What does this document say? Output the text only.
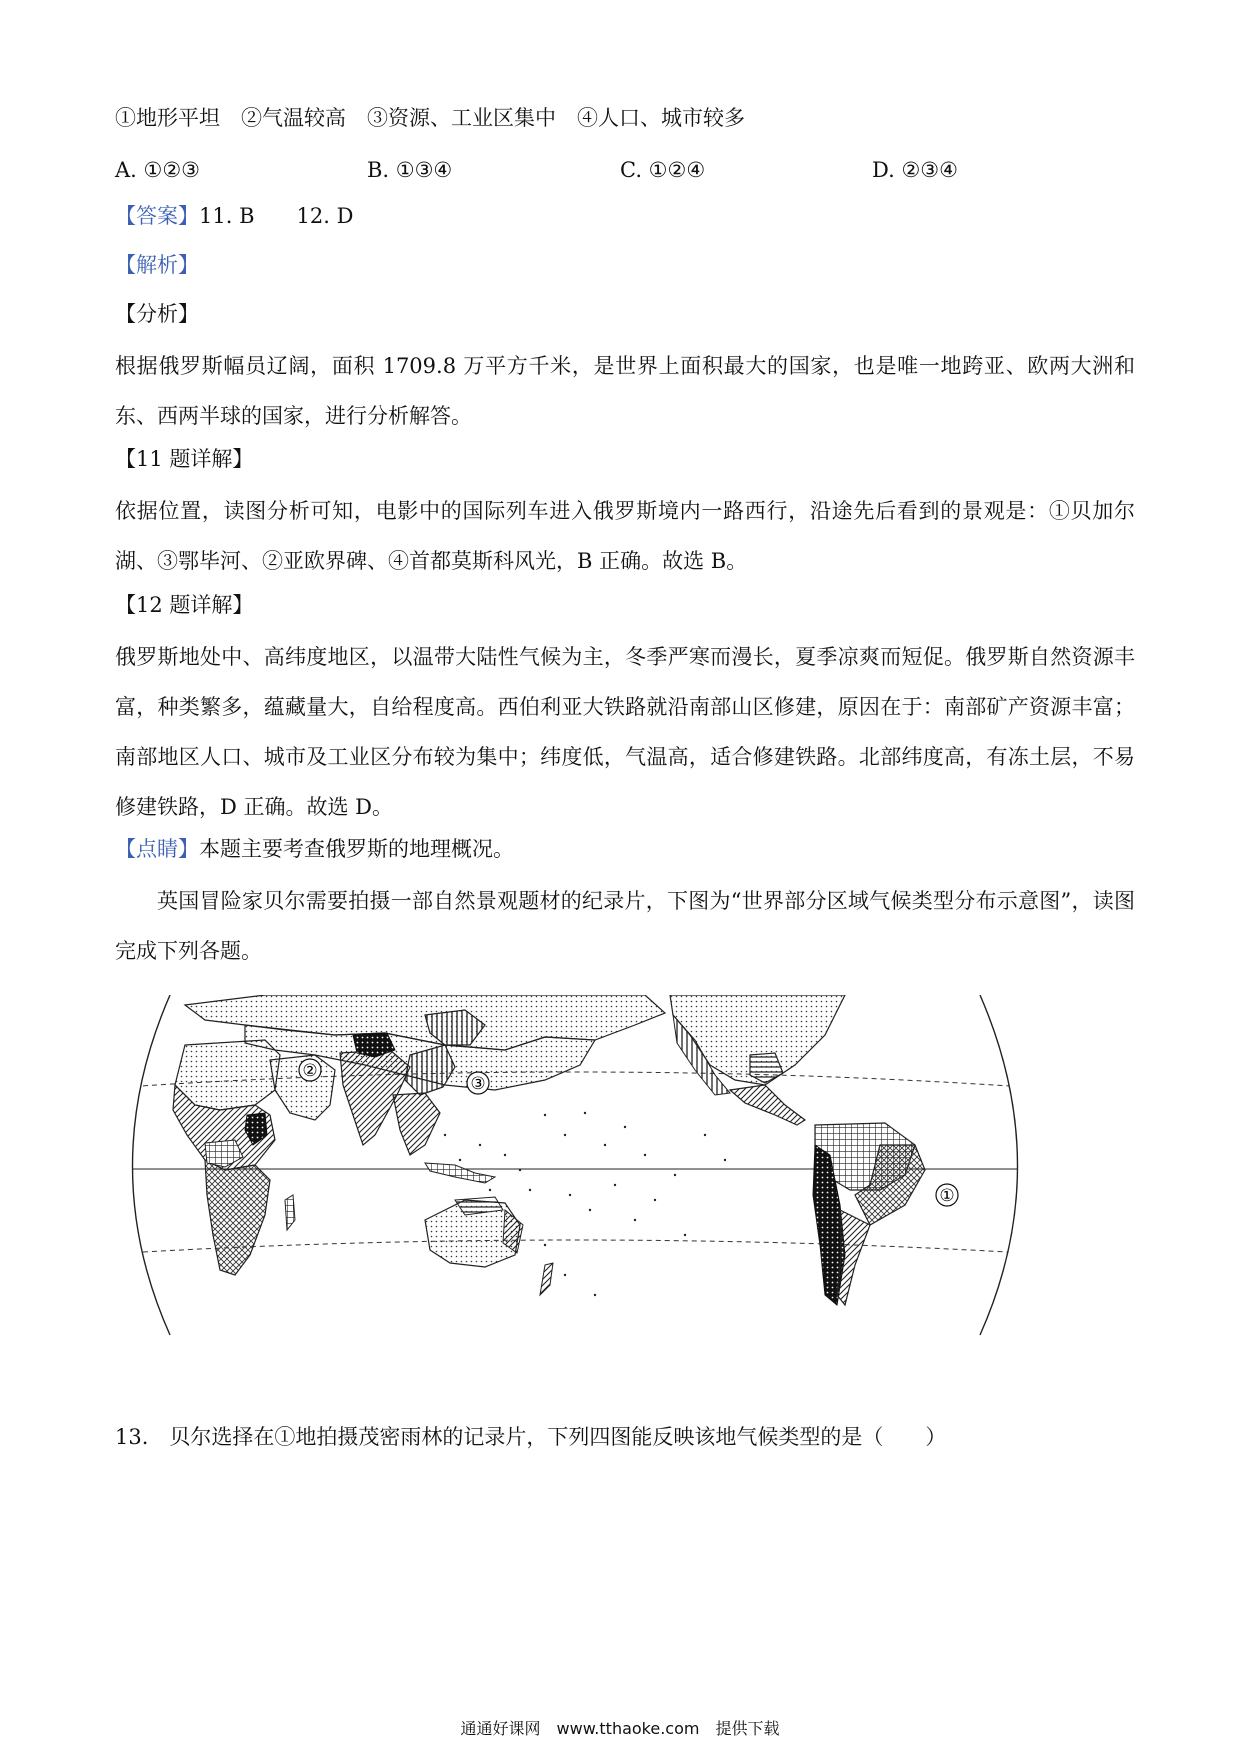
①地形平坦　②气温较高　③资源、工业区集中　④人口、城市较多
A. ①②③	B. ①③④	C. ①②④	D. ②③④
【答案】11. B　　12. D
【解析】
【分析】
根据俄罗斯幅员辽阔，面积 1709.8 万平方千米，是世界上面积最大的国家，也是唯一地跨亚、欧两大洲和东、西两半球的国家，进行分析解答。
【11 题详解】
依据位置，读图分析可知，电影中的国际列车进入俄罗斯境内一路西行，沿途先后看到的景观是：①贝加尔湖、③鄂毕河、②亚欧界碑、④首都莫斯科风光，B 正确。故选 B。
【12 题详解】
俄罗斯地处中、高纬度地区，以温带大陆性气候为主，冬季严寒而漫长，夏季凉爽而短促。俄罗斯自然资源丰富，种类繁多，蕴藏量大，自给程度高。西伯利亚大铁路就沿南部山区修建，原因在于：南部矿产资源丰富；南部地区人口、城市及工业区分布较为集中；纬度低，气温高，适合修建铁路。北部纬度高，有冻土层，不易修建铁路，D 正确。故选 D。
【点睛】本题主要考查俄罗斯的地理概况。
英国冒险家贝尔需要拍摄一部自然景观题材的纪录片，下图为“世界部分区域气候类型分布示意图”，读图完成下列各题。
②
③
①
13.　贝尔选择在①地拍摄茂密雨林的记录片，下列四图能反映该地气候类型的是（　　）
通通好课网　www.tthaoke.com　提供下载
